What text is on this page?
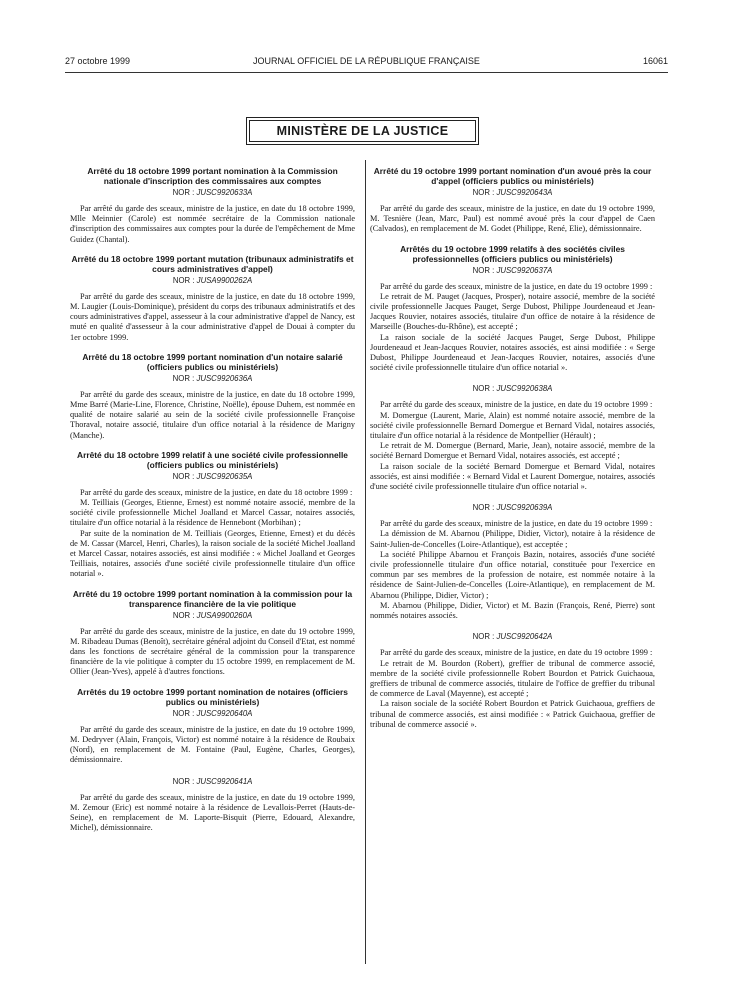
27 octobre 1999	JOURNAL OFFICIEL DE LA RÉPUBLIQUE FRANÇAISE	16061
MINISTÈRE DE LA JUSTICE

Arrêté du 18 octobre 1999 portant nomination à la Commission nationale d'inscription des commissaires aux comptes

NOR : JUSC9920633A

Par arrêté du garde des sceaux, ministre de la justice, en date du 18 octobre 1999, Mlle Meinnier (Carole) est nommée secrétaire de la Commission nationale d'inscription des commissaires aux comptes pour la durée de l'empêchement de Mme Guidez (Chantal).

Arrêté du 18 octobre 1999 portant mutation (tribunaux administratifs et cours administratives d'appel)

NOR : JUSA9900262A

Par arrêté du garde des sceaux, ministre de la justice, en date du 18 octobre 1999, M. Laugier (Louis-Dominique), président du corps des tribunaux administratifs et des cours administratives d'appel, assesseur à la cour administrative d'appel de Nancy, est muté en qualité d'assesseur à la cour administrative d'appel de Douai à compter du 1er octobre 1999.

Arrêté du 18 octobre 1999 portant nomination d'un notaire salarié (officiers publics ou ministériels)

NOR : JUSC9920636A

Par arrêté du garde des sceaux, ministre de la justice, en date du 18 octobre 1999, Mme Barré (Marie-Line, Florence, Christine, Noëlle), épouse Duhem, est nommée en qualité de notaire salarié au sein de la société civile professionnelle Françoise Thoraval, notaire associé, titulaire d'un office notarial à la résidence de Marigny (Manche).

Arrêté du 18 octobre 1999 relatif à une société civile professionnelle (officiers publics ou ministériels)

NOR : JUSC9920635A

Par arrêté du garde des sceaux, ministre de la justice, en date du 18 octobre 1999 :

M. Teilliais (Georges, Etienne, Ernest) est nommé notaire associé, membre de la société civile professionnelle Michel Joalland et Marcel Cassar, notaires associés, titulaire d'un office notarial à la résidence de Hennebont (Morbihan) ;

Par suite de la nomination de M. Teilliais (Georges, Etienne, Ernest) et du décès de M. Cassar (Marcel, Henri, Charles), la raison sociale de la société Michel Joalland et Marcel Cassar, notaires associés, est ainsi modifiée : « Michel Joalland et Georges Teilliais, notaires, associés d'une société civile professionnelle titulaire d'un office notarial ».

Arrêté du 19 octobre 1999 portant nomination à la commission pour la transparence financière de la vie politique

NOR : JUSA9900260A

Par arrêté du garde des sceaux, ministre de la justice, en date du 19 octobre 1999, M. Ribadeau Dumas (Benoît), secrétaire général adjoint du Conseil d'Etat, est nommé dans les fonctions de secrétaire général de la commission pour la transparence financière de la vie politique à compter du 15 octobre 1999, en remplacement de M. Ollier (Jean-Yves), appelé à d'autres fonctions.

Arrêtés du 19 octobre 1999 portant nomination de notaires (officiers publics ou ministériels)

NOR : JUSC9920640A

Par arrêté du garde des sceaux, ministre de la justice, en date du 19 octobre 1999, M. Dedryver (Alain, François, Victor) est nommé notaire à la résidence de Roubaix (Nord), en remplacement de M. Fontaine (Paul, Eugène, Charles, Georges), démissionnaire.

NOR : JUSC9920641A

Par arrêté du garde des sceaux, ministre de la justice, en date du 19 octobre 1999, M. Zemour (Eric) est nommé notaire à la résidence de Levallois-Perret (Hauts-de-Seine), en remplacement de M. Laporte-Bisquit (Pierre, Edouard, Alexandre, Michel), démissionnaire.

Arrêté du 19 octobre 1999 portant nomination d'un avoué près la cour d'appel (officiers publics ou ministériels)

NOR : JUSC9920643A

Par arrêté du garde des sceaux, ministre de la justice, en date du 19 octobre 1999, M. Tesnière (Jean, Marc, Paul) est nommé avoué près la cour d'appel de Caen (Calvados), en remplacement de M. Godet (Philippe, René, Elie), démissionnaire.

Arrêtés du 19 octobre 1999 relatifs à des sociétés civiles professionnelles (officiers publics ou ministériels)

NOR : JUSC9920637A

Par arrêté du garde des sceaux, ministre de la justice, en date du 19 octobre 1999 :

Le retrait de M. Pauget (Jacques, Prosper), notaire associé, membre de la société civile professionnelle Jacques Pauget, Serge Dubost, Philippe Jourdeneaud et Jean-Jacques Rouvier, notaires associés, titulaire d'un office de notaire à la résidence de Marseille (Bouches-du-Rhône), est accepté ;

La raison sociale de la société Jacques Pauget, Serge Dubost, Philippe Jourdeneaud et Jean-Jacques Rouvier, notaires associés, est ainsi modifiée : « Serge Dubost, Philippe Jourdeneaud et Jean-Jacques Rouvier, notaires, associés d'une société civile professionnelle titulaire d'un office notarial ».

NOR : JUSC9920638A

Par arrêté du garde des sceaux, ministre de la justice, en date du 19 octobre 1999 :

M. Domergue (Laurent, Marie, Alain) est nommé notaire associé, membre de la société civile professionnelle Bernard Domergue et Bernard Vidal, notaires associés, titulaire d'un office notarial à la résidence de Montpellier (Hérault) ;

Le retrait de M. Domergue (Bernard, Marie, Jean), notaire associé, membre de la société Bernard Domergue et Bernard Vidal, notaires associés, est accepté ;

La raison sociale de la société Bernard Domergue et Bernard Vidal, notaires associés, est ainsi modifiée : « Bernard Vidal et Laurent Domergue, notaires, associés d'une société civile professionnelle titulaire d'un office notarial ».

NOR : JUSC9920639A

Par arrêté du garde des sceaux, ministre de la justice, en date du 19 octobre 1999 :

La démission de M. Abarnou (Philippe, Didier, Victor), notaire à la résidence de Saint-Julien-de-Concelles (Loire-Atlantique), est acceptée ;

La société Philippe Abarnou et François Bazin, notaires, associés d'une société civile professionnelle titulaire d'un office notarial, constituée pour l'exercice en commun par ses membres de la profession de notaire, est nommée notaire à la résidence de Saint-Julien-de-Concelles (Loire-Atlantique), en remplacement de M. Abarnou (Philippe, Didier, Victor) ;

M. Abarnou (Philippe, Didier, Victor) et M. Bazin (François, René, Pierre) sont nommés notaires associés.

NOR : JUSC9920642A

Par arrêté du garde des sceaux, ministre de la justice, en date du 19 octobre 1999 :

Le retrait de M. Bourdon (Robert), greffier de tribunal de commerce associé, membre de la société civile professionnelle Robert Bourdon et Patrick Guichaoua, greffiers de tribunal de commerce associés, titulaire de l'office de greffier du tribunal de commerce de Laval (Mayenne), est accepté ;

La raison sociale de la société Robert Bourdon et Patrick Guichaoua, greffiers de tribunal de commerce associés, est ainsi modifiée : « Patrick Guichaoua, greffier de tribunal de commerce associé ».
